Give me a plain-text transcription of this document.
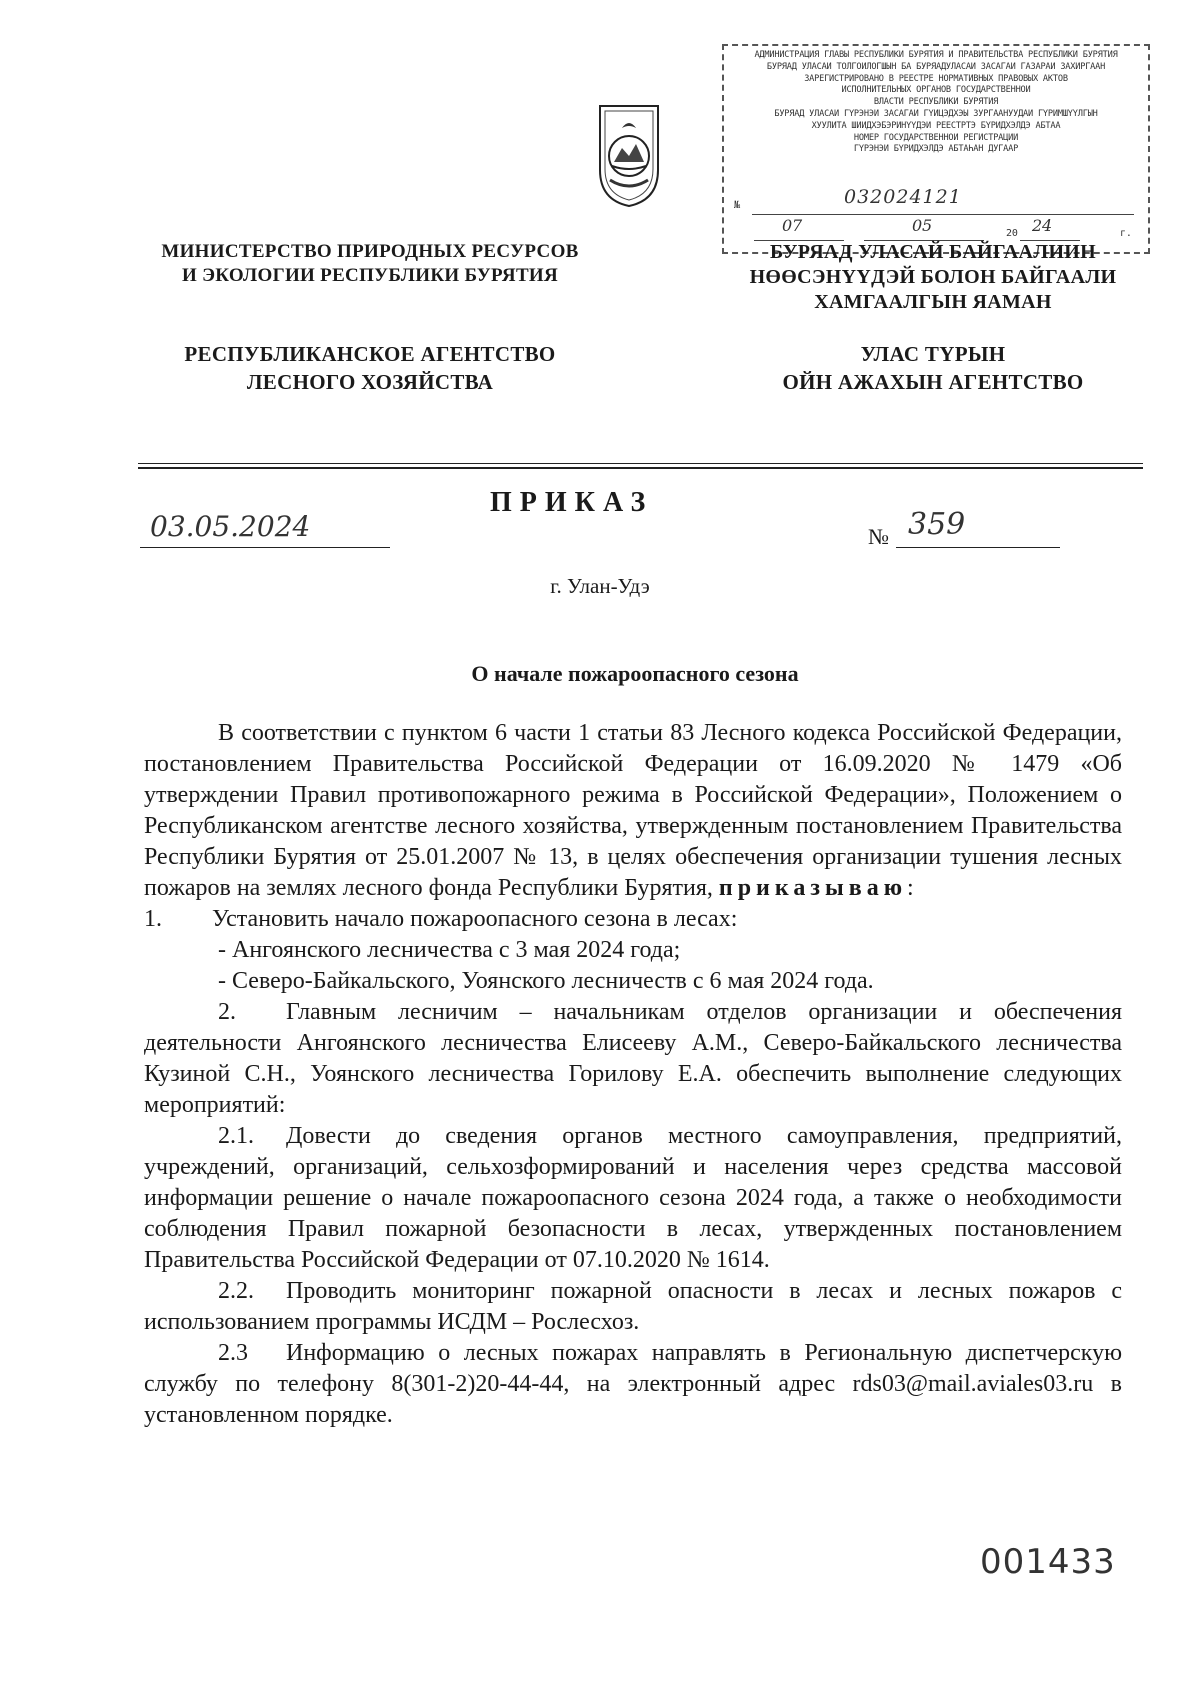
АДМИНИСТРАЦИЯ ГЛАВЫ РЕСПУБЛИКИ БУРЯТИЯ И ПРАВИТЕЛЬСТВА РЕСПУБЛИКИ БУРЯТИЯ
БУРЯАД УЛАСАЙ ТОЛГОЙЛОГШЫН БА БУРЯАДУЛАСАЙ ЗАСАГАЙ ГАЗАРАЙ ЗАХИРГААН
ЗАРЕГИСТРИРОВАНО В РЕЕСТРЕ НОРМАТИВНЫХ ПРАВОВЫХ АКТОВ
ИСПОЛНИТЕЛЬНЫХ ОРГАНОВ ГОСУДАРСТВЕННОЙ
ВЛАСТИ РЕСПУБЛИКИ БУРЯТИЯ
БУРЯАД УЛАСАЙ ГҮРЭНЭЙ ЗАСАГАЙ ГҮЙЦЭДХЭЫ ЗУРГААНУУДАЙ ГҮРИМШҮҮЛГЫН
ХУУЛИТА ШИИДХЭБЭРИНҮҮДЭЙ РЕЕСТРТЭ БҮРИДХЭЛДЭ АБТАА
НОМЕР ГОСУДАРСТВЕННОЙ РЕГИСТРАЦИИ
ГҮРЭНЭЙ БҮРИДХЭЛДЭ АБТАҺАН ДУГААР
№	032024121
07	05	20 24	г.
МИНИСТЕРСТВО ПРИРОДНЫХ РЕСУРСОВ
И ЭКОЛОГИИ РЕСПУБЛИКИ БУРЯТИЯ
РЕСПУБЛИКАНСКОЕ АГЕНТСТВО
ЛЕСНОГО ХОЗЯЙСТВА
БУРЯАД УЛАСАЙ БАЙГААЛИИН
НӨӨСЭНҮҮДЭЙ БОЛОН БАЙГААЛИ
ХАМГААЛГЫН ЯАМАН
УЛАС ТҮРЫН
ОЙН АЖАХЫН АГЕНТСТВО
ПРИКАЗ
03.05.2024	№ 359
г. Улан-Удэ
О начале пожароопасного сезона

В соответствии с пунктом 6 части 1 статьи 83 Лесного кодекса Российской Федерации, постановлением Правительства Российской Федерации от 16.09.2020 № 1479 «Об утверждении Правил противопожарного режима в Российской Федерации», Положением о Республиканском агентстве лесного хозяйства, утвержденным постановлением Правительства Республики Бурятия от 25.01.2007 № 13, в целях обеспечения организации тушения лесных пожаров на землях лесного фонда Республики Бурятия, приказываю:

1.	Установить начало пожароопасного сезона в лесах:

- Ангоянского лесничества с 3 мая 2024 года;

- Северо-Байкальского, Уоянского лесничеств с 6 мая 2024 года.

2. Главным лесничим – начальникам отделов организации и обеспечения деятельности Ангоянского лесничества Елисееву А.М., Северо-Байкальского лесничества Кузиной С.Н., Уоянского лесничества Горилову Е.А. обеспечить выполнение следующих мероприятий:

2.1. Довести до сведения органов местного самоуправления, предприятий, учреждений, организаций, сельхозформирований и населения через средства массовой информации решение о начале пожароопасного сезона 2024 года, а также о необходимости соблюдения Правил пожарной безопасности в лесах, утвержденных постановлением Правительства Российской Федерации от 07.10.2020 № 1614.

2.2. Проводить мониторинг пожарной опасности в лесах и лесных пожаров с использованием программы ИСДМ – Рослесхоз.

2.3 Информацию о лесных пожарах направлять в Региональную диспетчерскую службу по телефону 8(301-2)20-44-44, на электронный адрес rds03@mail.aviales03.ru в установленном порядке.

001433
